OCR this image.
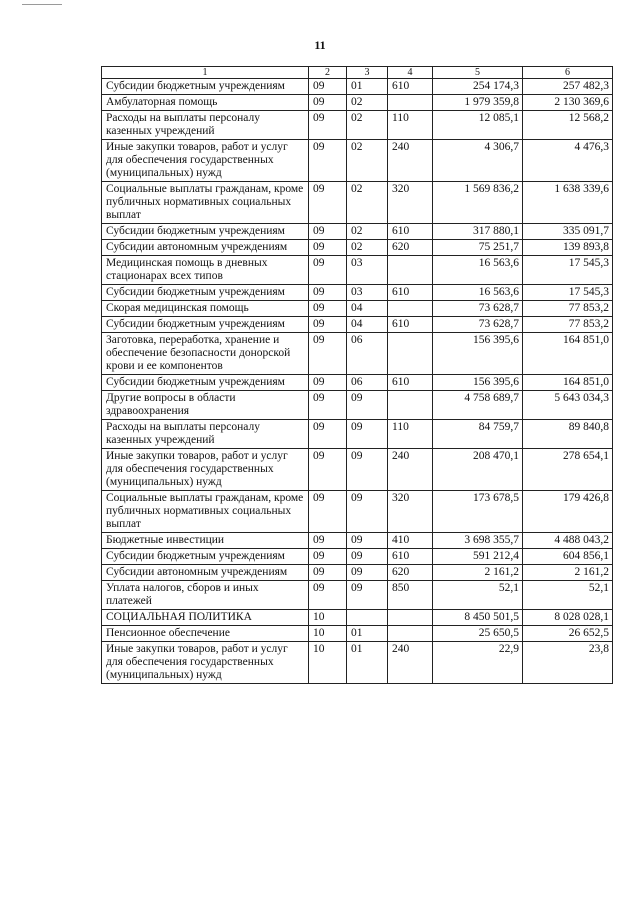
11
1	2	3	4	5	6
Субсидии бюджетным учреждениям	09	01	610	254 174,3	257 482,3
Амбулаторная помощь	09	02		1 979 359,8	2 130 369,6
Расходы на выплаты персоналу казенных учреждений	09	02	110	12 085,1	12 568,2
Иные закупки товаров, работ и услуг для обеспечения государственных (муниципальных) нужд	09	02	240	4 306,7	4 476,3
Социальные выплаты гражданам, кроме публичных нормативных социальных выплат	09	02	320	1 569 836,2	1 638 339,6
Субсидии бюджетным учреждениям	09	02	610	317 880,1	335 091,7
Субсидии автономным учреждениям	09	02	620	75 251,7	139 893,8
Медицинская помощь в дневных стационарах всех типов	09	03		16 563,6	17 545,3
Субсидии бюджетным учреждениям	09	03	610	16 563,6	17 545,3
Скорая медицинская помощь	09	04		73 628,7	77 853,2
Субсидии бюджетным учреждениям	09	04	610	73 628,7	77 853,2
Заготовка, переработка, хранение и обеспечение безопасности донорской крови и ее компонентов	09	06		156 395,6	164 851,0
Субсидии бюджетным учреждениям	09	06	610	156 395,6	164 851,0
Другие вопросы в области здравоохранения	09	09		4 758 689,7	5 643 034,3
Расходы на выплаты персоналу казенных учреждений	09	09	110	84 759,7	89 840,8
Иные закупки товаров, работ и услуг для обеспечения государственных (муниципальных) нужд	09	09	240	208 470,1	278 654,1
Социальные выплаты гражданам, кроме публичных нормативных социальных выплат	09	09	320	173 678,5	179 426,8
Бюджетные инвестиции	09	09	410	3 698 355,7	4 488 043,2
Субсидии бюджетным учреждениям	09	09	610	591 212,4	604 856,1
Субсидии автономным учреждениям	09	09	620	2 161,2	2 161,2
Уплата налогов, сборов и иных платежей	09	09	850	52,1	52,1
СОЦИАЛЬНАЯ ПОЛИТИКА	10			8 450 501,5	8 028 028,1
Пенсионное обеспечение	10	01		25 650,5	26 652,5
Иные закупки товаров, работ и услуг для обеспечения государственных (муниципальных) нужд	10	01	240	22,9	23,8
